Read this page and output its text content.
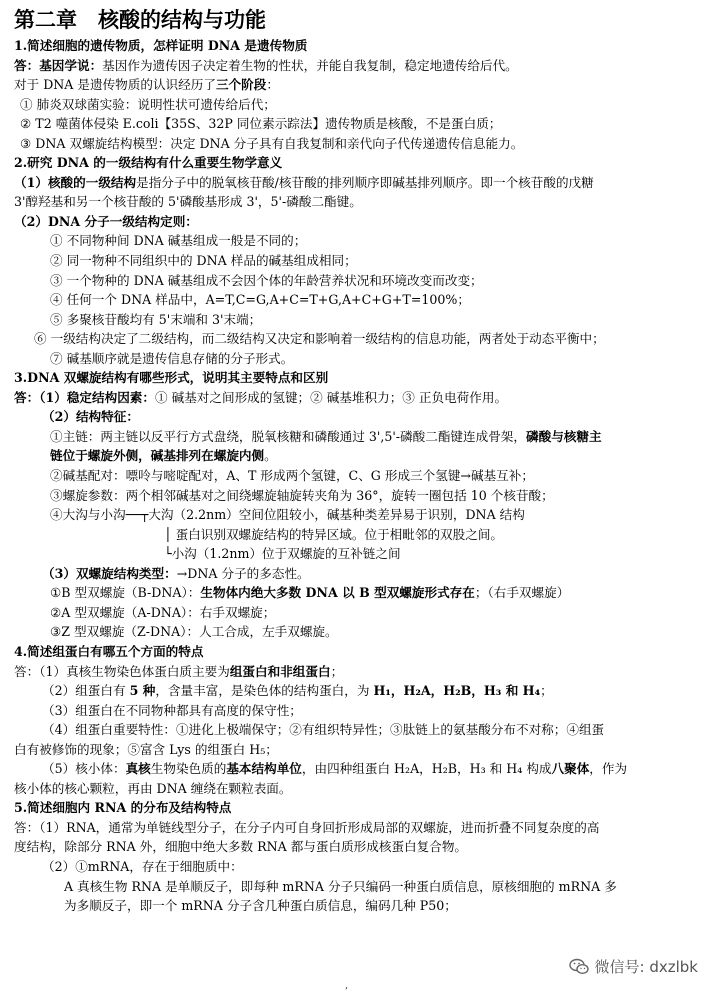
第二章　核酸的结构与功能
1.简述细胞的遗传物质，怎样证明 DNA 是遗传物质
答：基因学说：基因作为遗传因子决定着生物的性状，并能自我复制，稳定地遗传给后代。
对于 DNA 是遗传物质的认识经历了三个阶段：
① 肺炎双球菌实验：说明性状可遗传给后代；
② T2 噬菌体侵染 E.coli【35S、32P 同位素示踪法】遗传物质是核酸，不是蛋白质；
③ DNA 双螺旋结构模型：决定 DNA 分子具有自我复制和亲代向子代传递遗传信息能力。
2.研究 DNA 的一级结构有什么重要生物学意义
（1）核酸的一级结构是指分子中的脱氧核苷酸/核苷酸的排列顺序即碱基排列顺序。即一个核苷酸的戊糖
3'醇羟基和另一个核苷酸的 5'磷酸基形成 3'，5'-磷酸二酯键。
（2）DNA 分子一级结构定则：
① 不同物种间 DNA 碱基组成一般是不同的；
② 同一物种不同组织中的 DNA 样品的碱基组成相同；
③ 一个物种的 DNA 碱基组成不会因个体的年龄营养状况和环境改变而改变；
④ 任何一个 DNA 样品中，A=T,C=G,A+C=T+G,A+C+G+T=100%；
⑤ 多聚核苷酸均有 5'末端和 3'末端；
⑥ 一级结构决定了二级结构，而二级结构又决定和影响着一级结构的信息功能，两者处于动态平衡中；
⑦ 碱基顺序就是遗传信息存储的分子形式。
3.DNA 双螺旋结构有哪些形式，说明其主要特点和区别
答：（1）稳定结构因素：① 碱基对之间形成的氢键；② 碱基堆积力；③ 正负电荷作用。
（2）结构特征：
①主链：两主链以反平行方式盘绕，脱氧核糖和磷酸通过 3',5'-磷酸二酯键连成骨架，磷酸与核糖主
链位于螺旋外侧，碱基排列在螺旋内侧。
②碱基配对：嘌呤与嘧啶配对，A、T 形成两个氢键，C、G 形成三个氢键→碱基互补；
③螺旋参数：两个相邻碱基对之间绕螺旋轴旋转夹角为 36°，旋转一圈包括 10 个核苷酸；
④大沟与小沟──┬大沟（2.2nm）空间位阻较小，碱基种类差异易于识别，DNA 结构
│ 蛋白识别双螺旋结构的特异区域。位于相毗邻的双股之间。
└小沟（1.2nm）位于双螺旋的互补链之间
（3）双螺旋结构类型：→DNA 分子的多态性。
①B 型双螺旋（B-DNA）：生物体内绝大多数 DNA 以 B 型双螺旋形式存在；（右手双螺旋）
②A 型双螺旋（A-DNA）：右手双螺旋；
③Z 型双螺旋（Z-DNA）：人工合成，左手双螺旋。
4.简述组蛋白有哪五个方面的特点
答：（1）真核生物染色体蛋白质主要为组蛋白和非组蛋白；
（2）组蛋白有 5 种，含量丰富，是染色体的结构蛋白，为 H₁，H₂A，H₂B，H₃ 和 H₄；
（3）组蛋白在不同物种都具有高度的保守性；
（4）组蛋白重要特性：①进化上极端保守；②有组织特异性；③肽链上的氨基酸分布不对称；④组蛋
白有被修饰的现象；⑤富含 Lys 的组蛋白 H₅；
（5）核小体：真核生物染色质的基本结构单位，由四种组蛋白 H₂A，H₂B，H₃ 和 H₄ 构成八聚体，作为
核小体的核心颗粒，再由 DNA 缠绕在颗粒表面。
5.简述细胞内 RNA 的分布及结构特点
答：（1）RNA，通常为单链线型分子，在分子内可自身回折形成局部的双螺旋，进而折叠不同复杂度的高
度结构，除部分 RNA 外，细胞中绝大多数 RNA 都与蛋白质形成核蛋白复合物。
（2）①mRNA，存在于细胞质中：
A 真核生物 RNA 是单顺反子，即每种 mRNA 分子只编码一种蛋白质信息，原核细胞的 mRNA 多
为多顺反子，即一个 mRNA 分子含几种蛋白质信息，编码几种 P50；
微信号: dxzlbk
,
